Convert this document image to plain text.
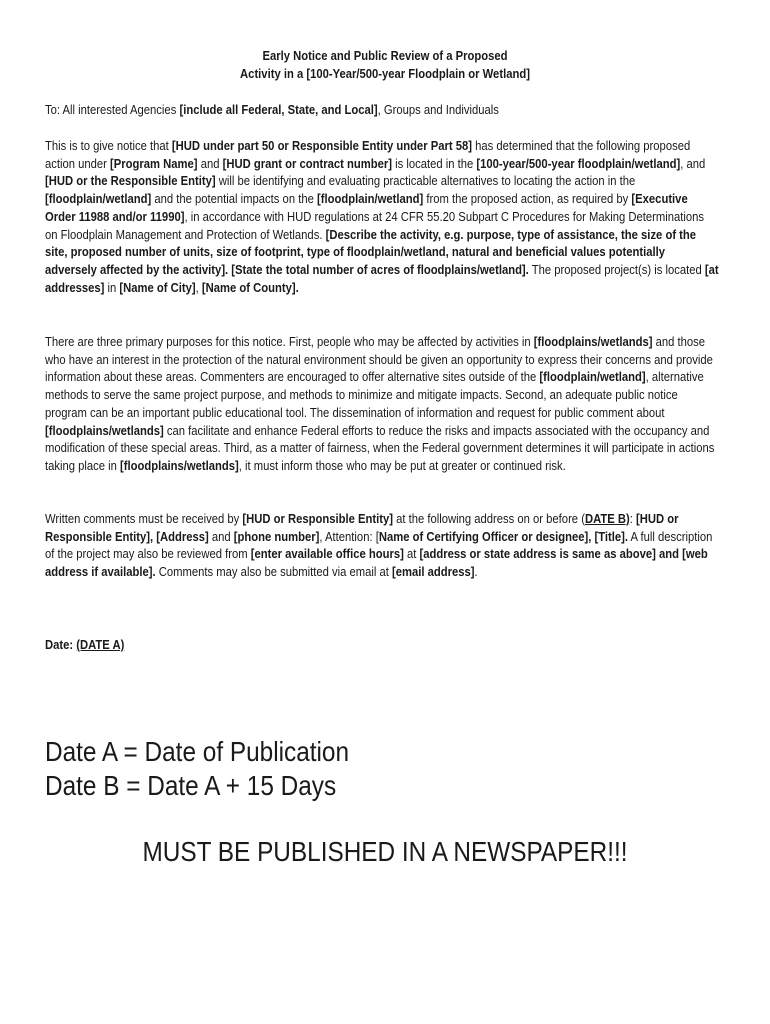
Early Notice and Public Review of a Proposed
Activity in a [100-Year/500-year Floodplain or Wetland]
To: All interested Agencies [include all Federal, State, and Local], Groups and Individuals

This is to give notice that [HUD under part 50 or Responsible Entity under Part 58] has determined that the following proposed action under [Program Name] and [HUD grant or contract number] is located in the [100-year/500-year floodplain/wetland], and [HUD or the Responsible Entity] will be identifying and evaluating practicable alternatives to locating the action in the [floodplain/wetland] and the potential impacts on the [floodplain/wetland] from the proposed action, as required by [Executive Order 11988 and/or 11990], in accordance with HUD regulations at 24 CFR 55.20 Subpart C Procedures for Making Determinations on Floodplain Management and Protection of Wetlands. [Describe the activity, e.g. purpose, type of assistance, the size of the site, proposed number of units, size of footprint, type of floodplain/wetland, natural and beneficial values potentially adversely affected by the activity]. [State the total number of acres of floodplains/wetland]. The proposed project(s) is located [at addresses] in [Name of City], [Name of County].

There are three primary purposes for this notice. First, people who may be affected by activities in [floodplains/wetlands] and those who have an interest in the protection of the natural environment should be given an opportunity to express their concerns and provide information about these areas. Commenters are encouraged to offer alternative sites outside of the [floodplain/wetland], alternative methods to serve the same project purpose, and methods to minimize and mitigate impacts. Second, an adequate public notice program can be an important public educational tool. The dissemination of information and request for public comment about [floodplains/wetlands] can facilitate and enhance Federal efforts to reduce the risks and impacts associated with the occupancy and modification of these special areas. Third, as a matter of fairness, when the Federal government determines it will participate in actions taking place in [floodplains/wetlands], it must inform those who may be put at greater or continued risk.

Written comments must be received by [HUD or Responsible Entity] at the following address on or before (DATE B): [HUD or Responsible Entity], [Address] and [phone number], Attention: [Name of Certifying Officer or designee], [Title]. A full description of the project may also be reviewed from [enter available office hours] at [address or state address is same as above] and [web address if available]. Comments may also be submitted via email at [email address].

Date: (DATE A)
Date A = Date of Publication
Date B = Date A + 15 Days
MUST BE PUBLISHED IN A NEWSPAPER!!!
